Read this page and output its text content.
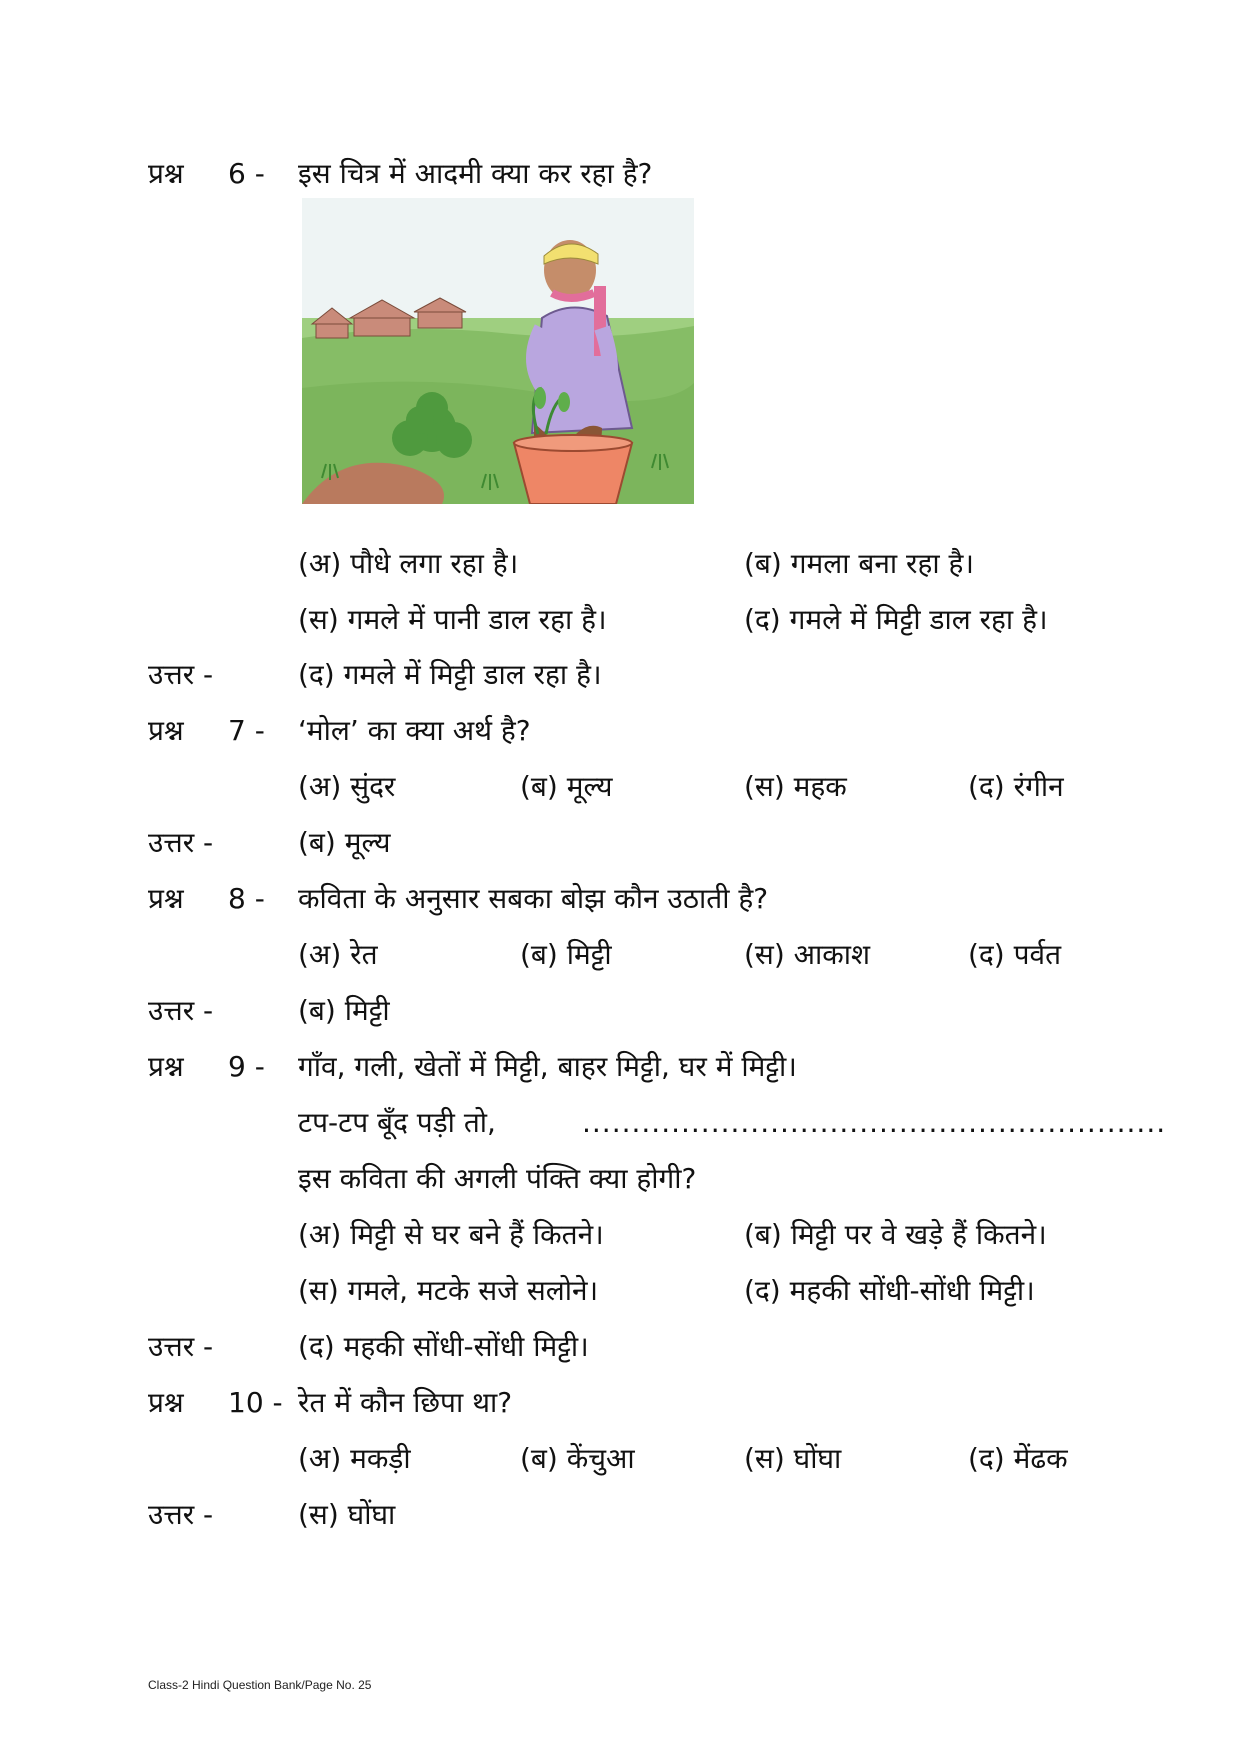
प्रश्न 6 - इस चित्र में आदमी क्या कर रहा है?
(अ) पौधे लगा रहा है।	(ब) गमला बना रहा है।
(स) गमले में पानी डाल रहा है।	(द) गमले में मिट्टी डाल रहा है।
उत्तर -	(द) गमले में मिट्टी डाल रहा है।
प्रश्न 7 - ‘मोल’ का क्या अर्थ है?
(अ) सुंदर	(ब) मूल्य	(स) महक	(द) रंगीन
उत्तर -	(ब) मूल्य
प्रश्न 8 - कविता के अनुसार सबका बोझ कौन उठाती है?
(अ) रेत	(ब) मिट्टी	(स) आकाश	(द) पर्वत
उत्तर -	(ब) मिट्टी
प्रश्न 9 - गाँव, गली, खेतों में मिट्टी, बाहर मिट्टी, घर में मिट्टी।
टप-टप बूँद पड़ी तो,	...........................................................
इस कविता की अगली पंक्ति क्या होगी?
(अ) मिट्टी से घर बने हैं कितने।	(ब) मिट्टी पर वे खड़े हैं कितने।
(स) गमले, मटके सजे सलोने।	(द) महकी सोंधी-सोंधी मिट्टी।
उत्तर -	(द) महकी सोंधी-सोंधी मिट्टी।
प्रश्न 10 - रेत में कौन छिपा था?
(अ) मकड़ी	(ब) केंचुआ	(स) घोंघा	(द) मेंढक
उत्तर -	(स) घोंघा
Class-2 Hindi Question Bank/Page No. 25
